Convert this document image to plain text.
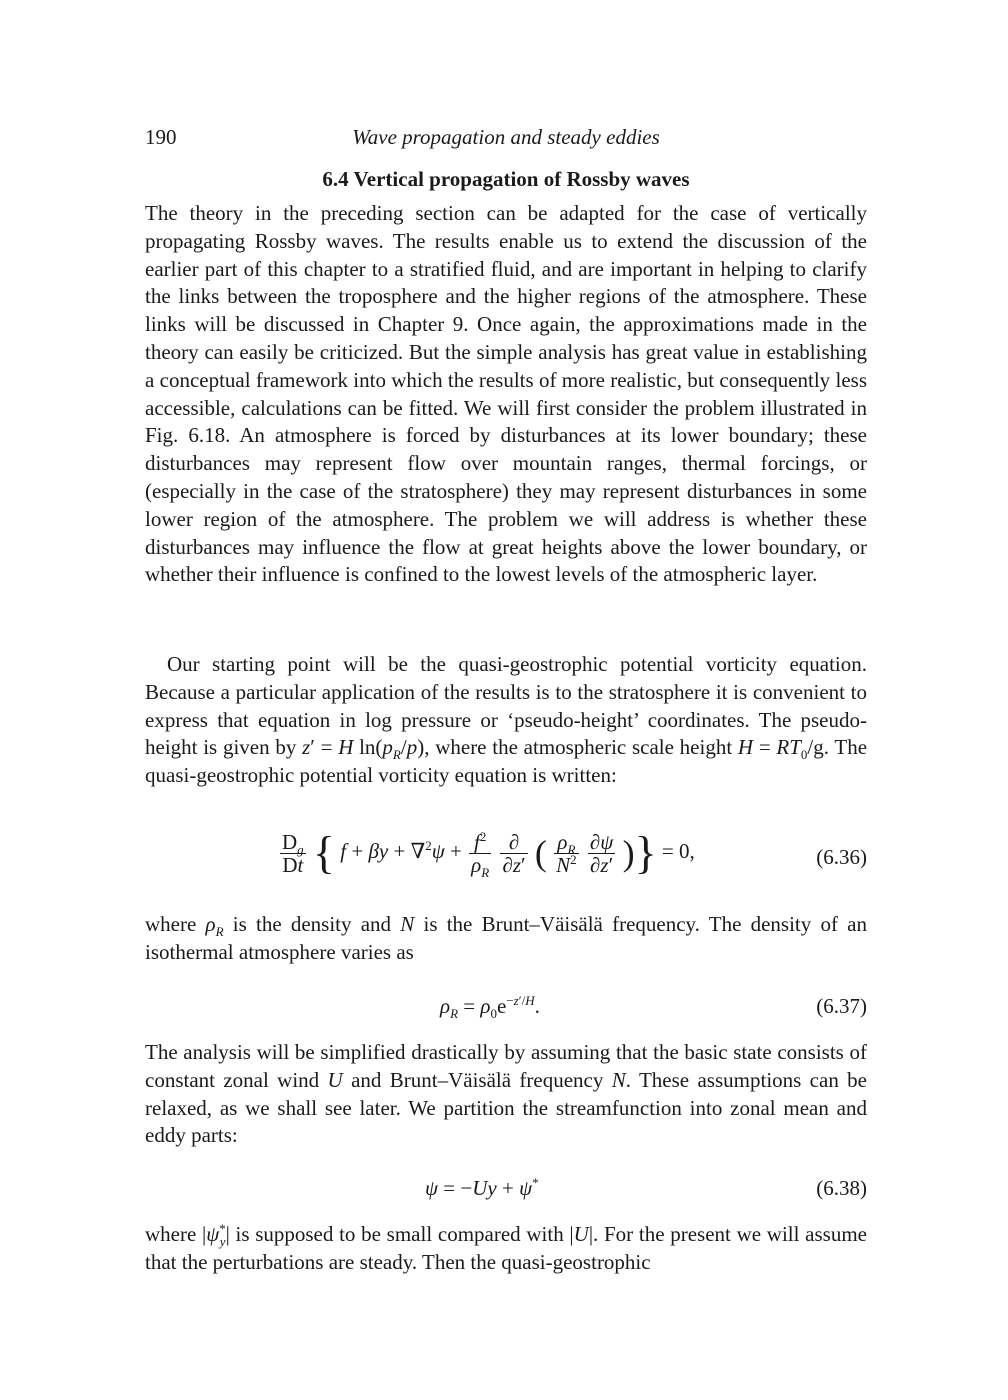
190	Wave propagation and steady eddies
6.4 Vertical propagation of Rossby waves

The theory in the preceding section can be adapted for the case of vertically propagating Rossby waves. The results enable us to extend the discussion of the earlier part of this chapter to a stratified fluid, and are important in helping to clarify the links between the troposphere and the higher regions of the atmosphere. These links will be discussed in Chapter 9. Once again, the approximations made in the theory can easily be criticized. But the simple analysis has great value in establishing a conceptual framework into which the results of more realistic, but consequently less accessible, calculations can be fitted. We will first consider the problem illustrated in Fig. 6.18. An atmosphere is forced by disturbances at its lower boundary; these disturbances may represent flow over mountain ranges, thermal forcings, or (especially in the case of the stratosphere) they may represent disturbances in some lower region of the atmosphere. The problem we will address is whether these disturbances may influence the flow at great heights above the lower boundary, or whether their influence is confined to the lowest levels of the atmospheric layer.

Our starting point will be the quasi-geostrophic potential vorticity equation. Because a particular application of the results is to the stratosphere it is convenient to express that equation in log pressure or ‘pseudo-height’ coordinates. The pseudo-height is given by z′ = H $\ln(p_R/p)$, where the atmospheric scale height $H = RT_0/g$. The quasi-geostrophic potential vorticity equation is written:

$\frac{D_g}{Dt}$ { $f + \beta y + \nabla^2\psi + \frac{f^2}{\rho_R}$
$\frac{\partial}{\partial z'}$ ( $\frac{\rho_R}{N^2}$
$\frac{\partial\psi}{\partial z'}$ )} = 0,	(6.36)

where $\rho_R$ is the density and N is the Brunt–Väisälä frequency. The density of an isothermal atmosphere varies as

$\rho_R = \rho_0e^{-z'/H}$.	(6.37)

The analysis will be simplified drastically by assuming that the basic state consists of constant zonal wind U and Brunt–Väisälä frequency N. These assumptions can be relaxed, as we shall see later. We partition the streamfunction into zonal mean and eddy parts:

ψ = −Uy + ψ*	(6.38)

where $|\psi^*_y|$ is supposed to be small compared with |U|. For the present we will assume that the perturbations are steady. Then the quasi-geostrophic
